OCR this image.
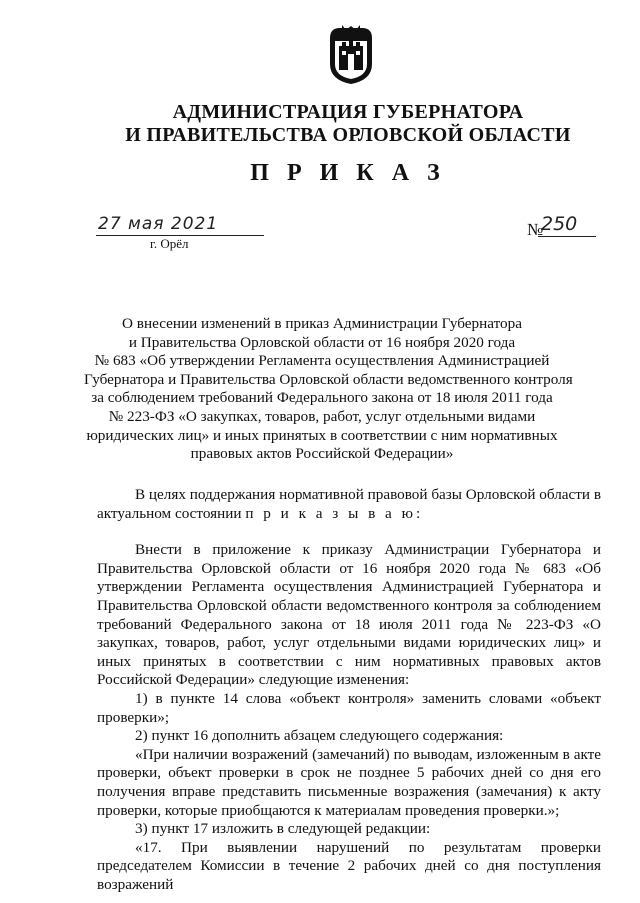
АДМИНИСТРАЦИЯ ГУБЕРНАТОРА
И ПРАВИТЕЛЬСТВА ОРЛОВСКОЙ ОБЛАСТИ
П Р И К А З
27 мая 2021
г. Орёл
№
250
О внесении изменений в приказ Администрации Губернатора
и Правительства Орловской области от 16 ноября 2020 года
№ 683 «Об утверждении Регламента осуществления Администрацией
Губернатора и Правительства Орловской области ведомственного контроля
за соблюдением требований Федерального закона от 18 июля 2011 года
№ 223-ФЗ «О закупках, товаров, работ, услуг отдельными видами
юридических лиц» и иных принятых в соответствии с ним нормативных
правовых актов Российской Федерации»
В целях поддержания нормативной правовой базы Орловской области в актуальном состоянии п р и к а з ы в а ю:
Внести в приложение к приказу Администрации Губернатора и Правительства Орловской области от 16 ноября 2020 года № 683 «Об утверждении Регламента осуществления Администрацией Губернатора и Правительства Орловской области ведомственного контроля за соблюдением требований Федерального закона от 18 июля 2011 года № 223-ФЗ «О закупках, товаров, работ, услуг отдельными видами юридических лиц» и иных принятых в соответствии с ним нормативных правовых актов Российской Федерации» следующие изменения:
1) в пункте 14 слова «объект контроля» заменить словами «объект проверки»;
2) пункт 16 дополнить абзацем следующего содержания:
«При наличии возражений (замечаний) по выводам, изложенным в акте проверки, объект проверки в срок не позднее 5 рабочих дней со дня его получения вправе представить письменные возражения (замечания) к акту проверки, которые приобщаются к материалам проведения проверки.»;
3) пункт 17 изложить в следующей редакции:
«17. При выявлении нарушений по результатам проверки председателем Комиссии в течение 2 рабочих дней со дня поступления возражений
